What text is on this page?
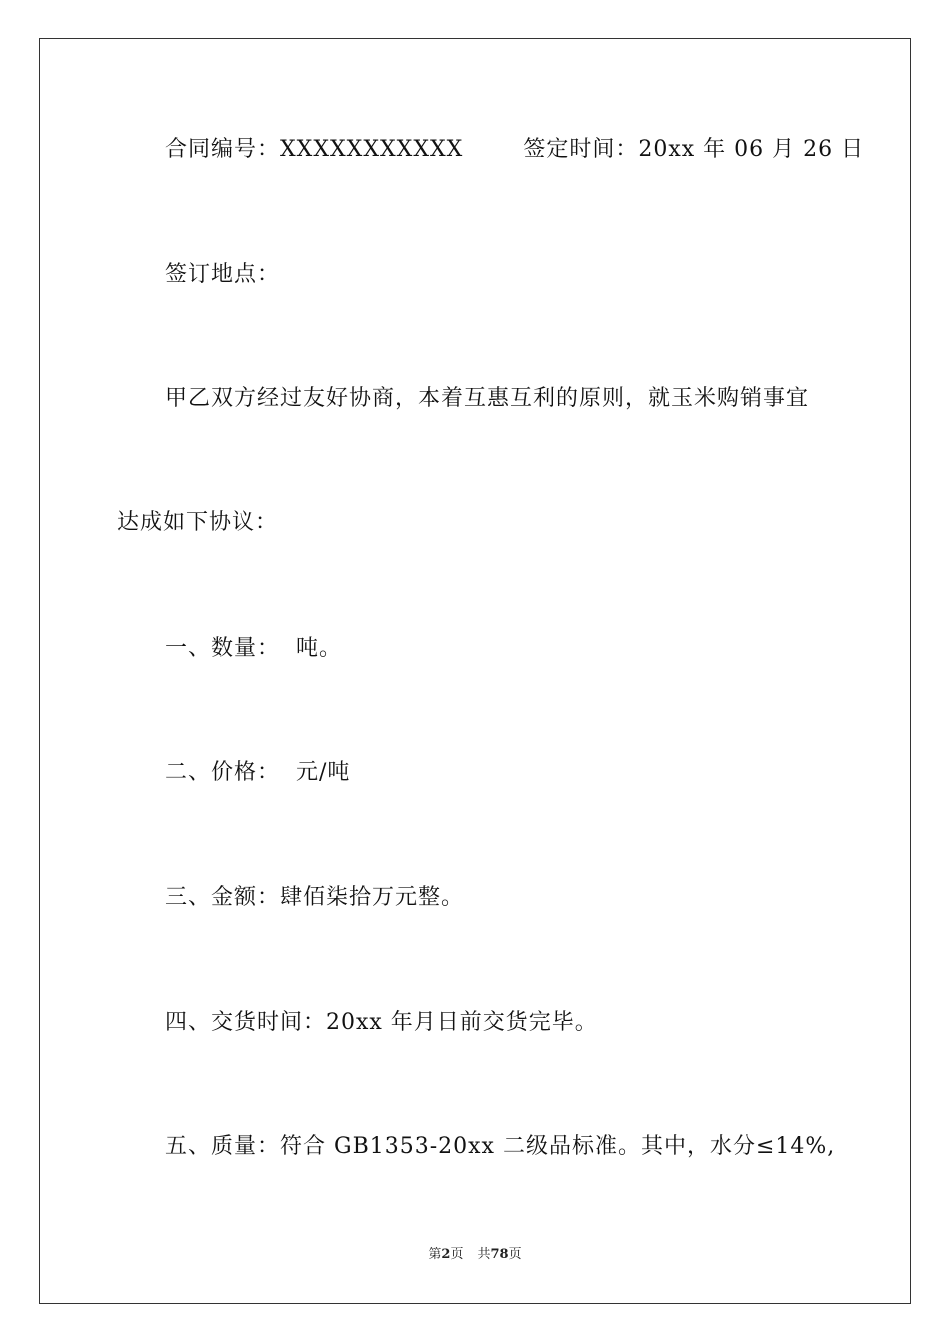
合同编号：XXXXXXXXXXX	签定时间：20xx 年 06 月 26 日
签订地点：
甲乙双方经过友好协商，本着互惠互利的原则，就玉米购销事宜
达成如下协议：
一、数量：  吨。
二、价格：  元/吨
三、金额：肆佰柒拾万元整。
四、交货时间：20xx 年月日前交货完毕。
五、质量：符合 GB1353-20xx 二级品标准。其中，水分≤14%,
第2页 共78页
